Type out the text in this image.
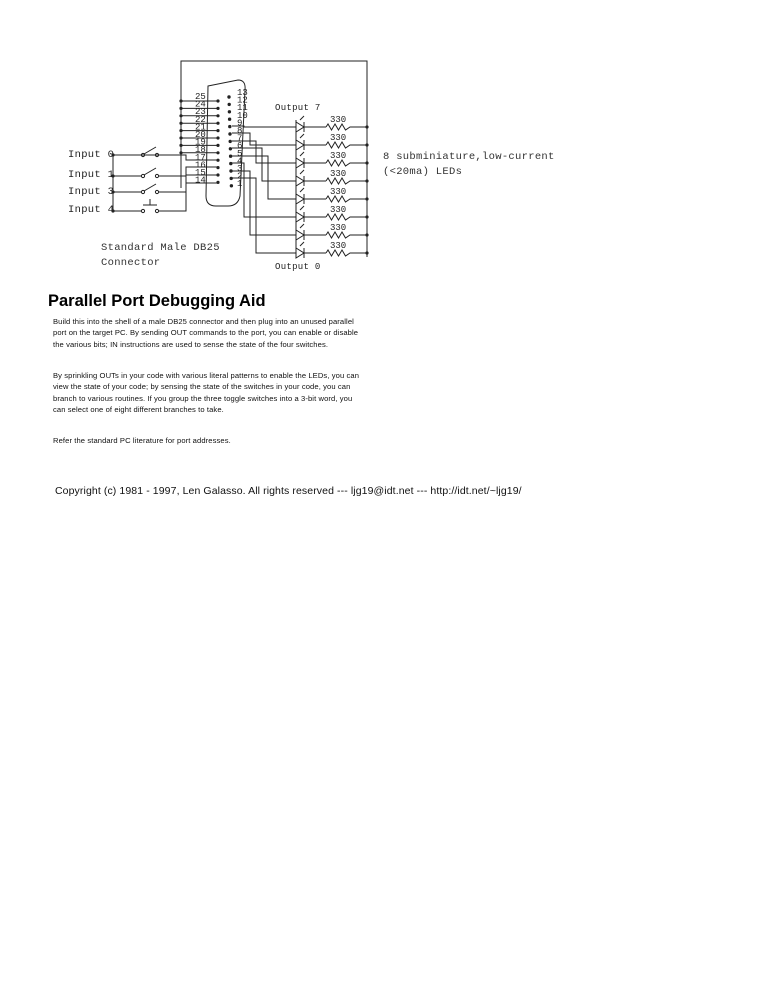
25
24
23
22
21
20
19
18
17
16
15
14
13
12
11
10
9
8
7
6
5
4
3
2
1
330
330
330
330
330
330
330
330
Input 0
Input 1
Input 3
Input 4
Output 7
Output 0
8 subminiature,low-current
(<20ma) LEDs
Standard Male DB25
Connector
Parallel Port Debugging Aid

Build this into the shell of a male DB25 connector and then plug into an unused parallel port on the target PC. By sending OUT commands to the port, you can enable or disable the various bits; IN instructions are used to sense the state of the four switches.

By sprinkling OUTs in your code with various literal patterns to enable the LEDs, you can view the state of your code; by sensing the state of the switches in your code, you can branch to various routines. If you group the three toggle switches into a 3-bit word, you can select one of eight different branches to take.

Refer the standard PC literature for port addresses.

Copyright (c) 1981 - 1997, Len Galasso. All rights reserved --- ljg19@idt.net --- http://idt.net/~ljg19/
